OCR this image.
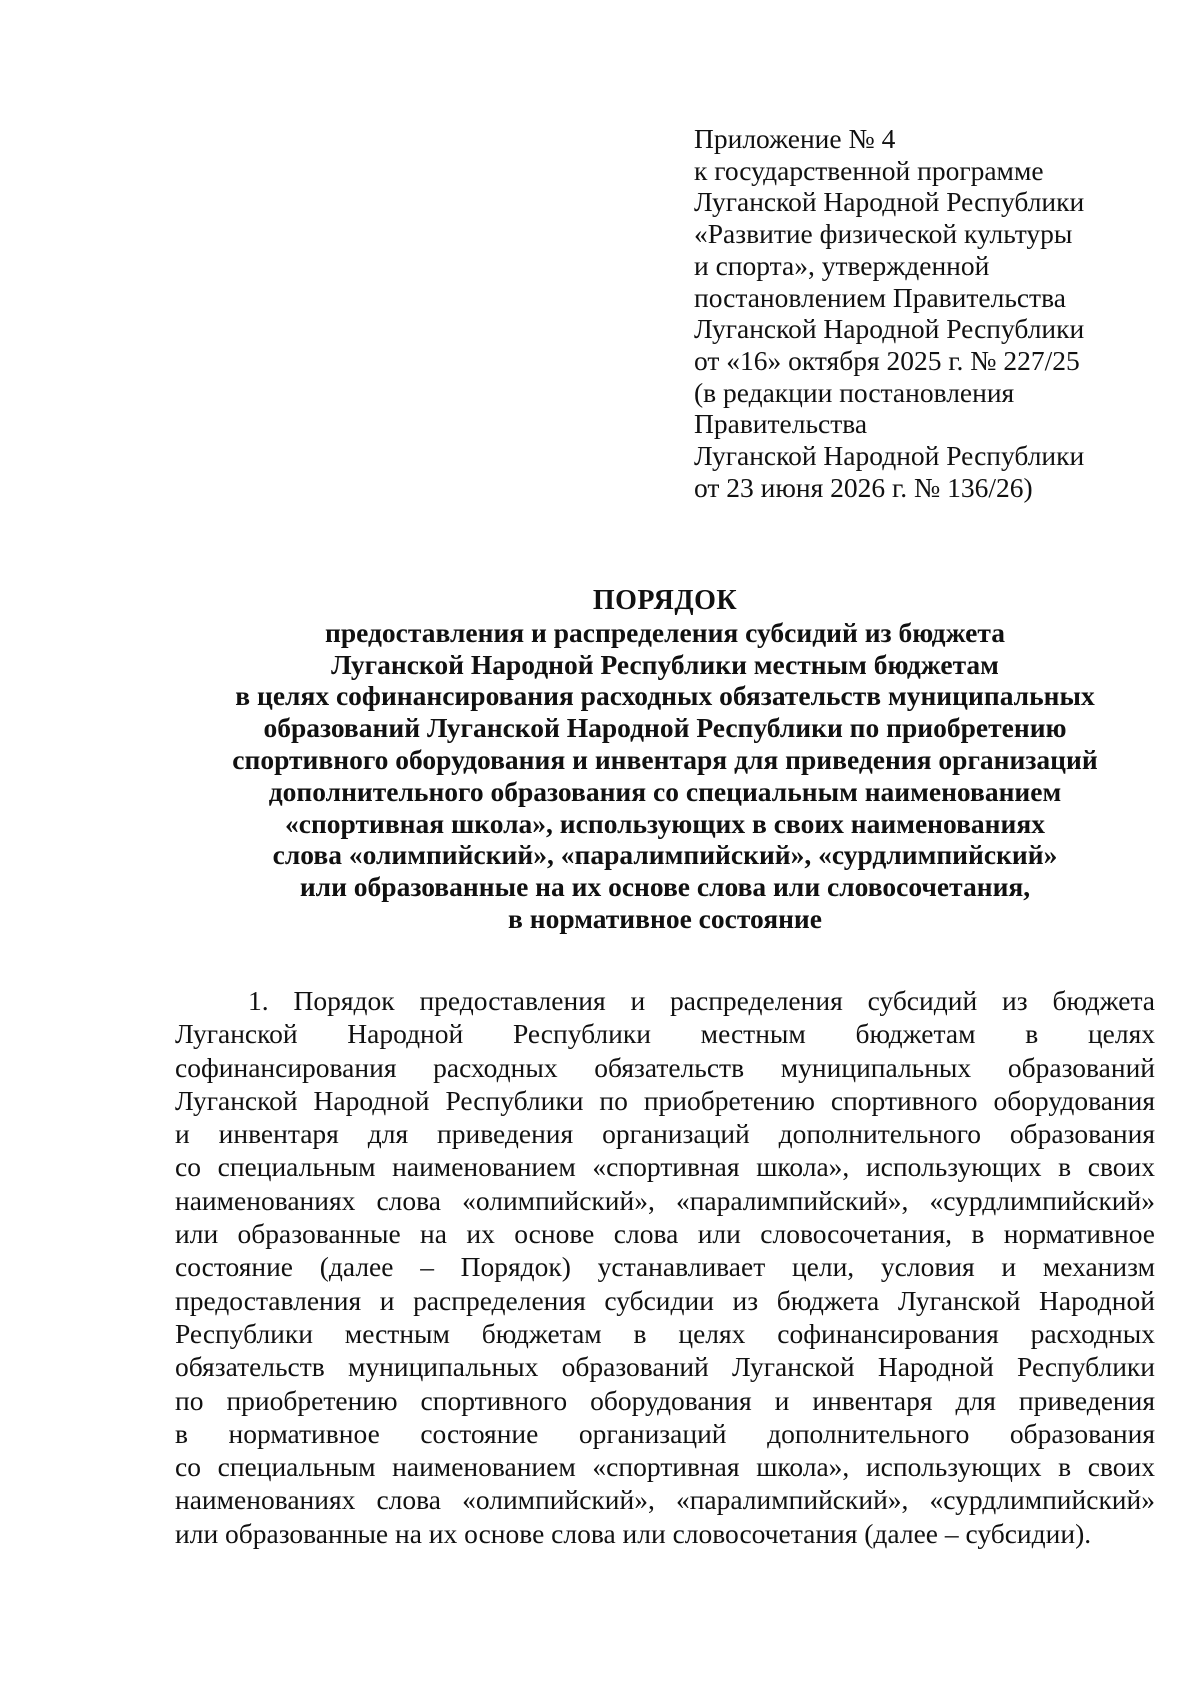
Приложение № 4
к государственной программе
Луганской Народной Республики
«Развитие физической культуры
и спорта», утвержденной
постановлением Правительства
Луганской Народной Республики
от «16» октября 2025 г. № 227/25
(в редакции постановления
Правительства
Луганской Народной Республики
от 23 июня 2026 г. № 136/26)
ПОРЯДОК
предоставления и распределения субсидий из бюджета
Луганской Народной Республики местным бюджетам
в целях софинансирования расходных обязательств муниципальных
образований Луганской Народной Республики по приобретению
спортивного оборудования и инвентаря для приведения организаций
дополнительного образования со специальным наименованием
«спортивная школа», использующих в своих наименованиях
слова «олимпийский», «паралимпийский», «сурдлимпийский»
или образованные на их основе слова или словосочетания,
в нормативное состояние
1. Порядок предоставления и распределения субсидий из бюджета
Луганской Народной Республики местным бюджетам в целях
софинансирования расходных обязательств муниципальных образований
Луганской Народной Республики по приобретению спортивного оборудования
и инвентаря для приведения организаций дополнительного образования
со специальным наименованием «спортивная школа», использующих в своих
наименованиях слова «олимпийский», «паралимпийский», «сурдлимпийский»
или образованные на их основе слова или словосочетания, в нормативное
состояние (далее – Порядок) устанавливает цели, условия и механизм
предоставления и распределения субсидии из бюджета Луганской Народной
Республики местным бюджетам в целях софинансирования расходных
обязательств муниципальных образований Луганской Народной Республики
по приобретению спортивного оборудования и инвентаря для приведения
в нормативное состояние организаций дополнительного образования
со специальным наименованием «спортивная школа», использующих в своих
наименованиях слова «олимпийский», «паралимпийский», «сурдлимпийский»
или образованные на их основе слова или словосочетания (далее – субсидии).
